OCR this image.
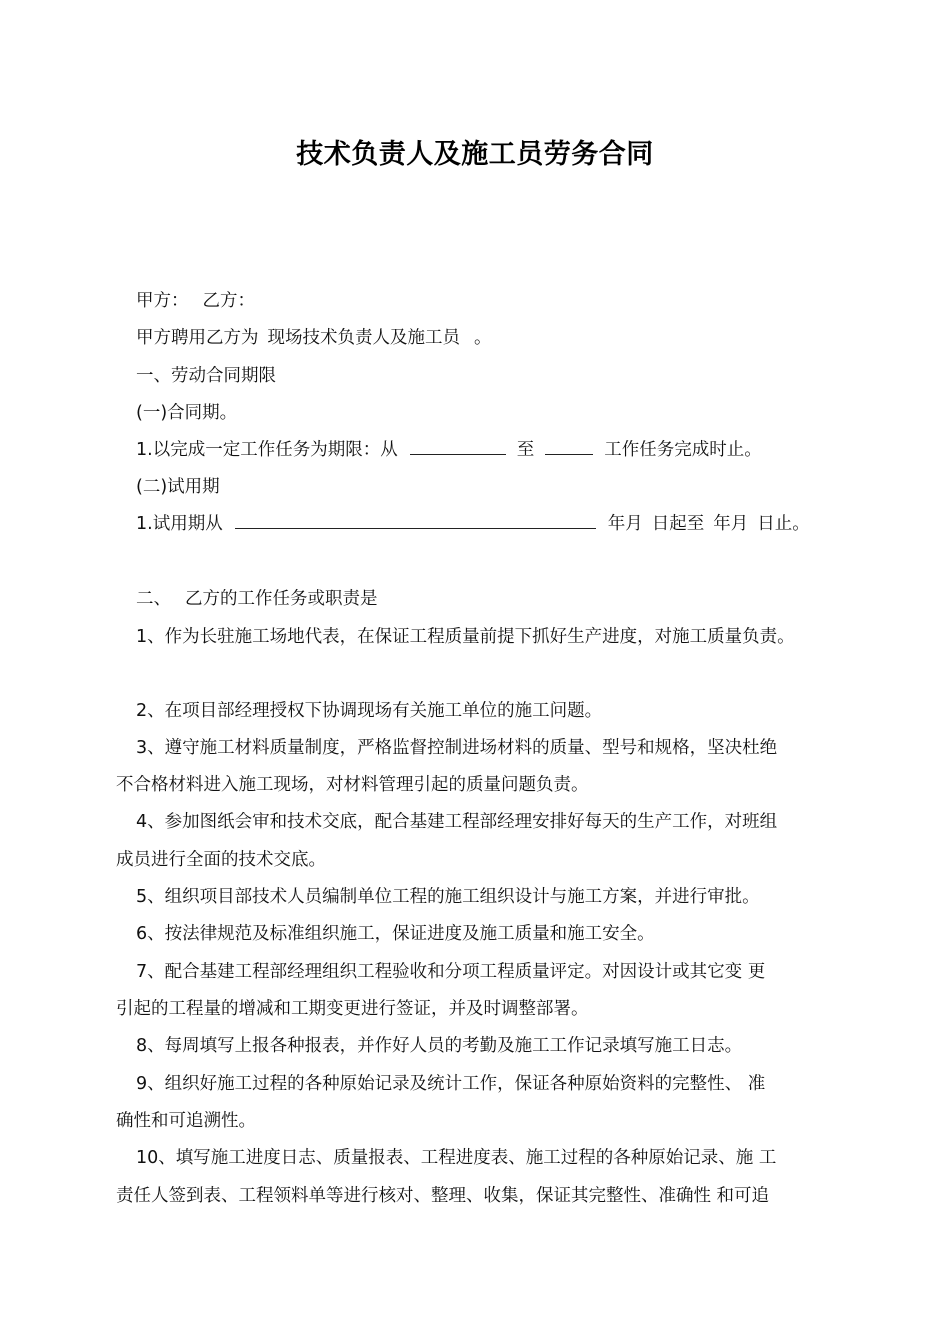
技术负责人及施工员劳务合同
甲方： 乙方：
甲方聘用乙方为 现场技术负责人及施工员 。
一、劳动合同期限
(一)合同期。
1.以完成一定工作任务为期限：从	至	工作任务完成时止。
(二)试用期
1.试用期从	年月 日起至 年月 日止。
二、 乙方的工作任务或职责是
1、作为长驻施工场地代表，在保证工程质量前提下抓好生产进度，对施工质量负责。
2、在项目部经理授权下协调现场有关施工单位的施工问题。
3、遵守施工材料质量制度，严格监督控制进场材料的质量、型号和规格，坚决杜绝
不合格材料进入施工现场，对材料管理引起的质量问题负责。
4、参加图纸会审和技术交底，配合基建工程部经理安排好每天的生产工作，对班组
成员进行全面的技术交底。
5、组织项目部技术人员编制单位工程的施工组织设计与施工方案，并进行审批。
6、按法律规范及标准组织施工，保证进度及施工质量和施工安全。
7、配合基建工程部经理组织工程验收和分项工程质量评定。对因设计或其它变 更
引起的工程量的增减和工期变更进行签证，并及时调整部署。
8、每周填写上报各种报表，并作好人员的考勤及施工工作记录填写施工日志。
9、组织好施工过程的各种原始记录及统计工作，保证各种原始资料的完整性、 准
确性和可追溯性。
10、填写施工进度日志、质量报表、工程进度表、施工过程的各种原始记录、施 工
责任人签到表、工程领料单等进行核对、整理、收集，保证其完整性、准确性 和可追
